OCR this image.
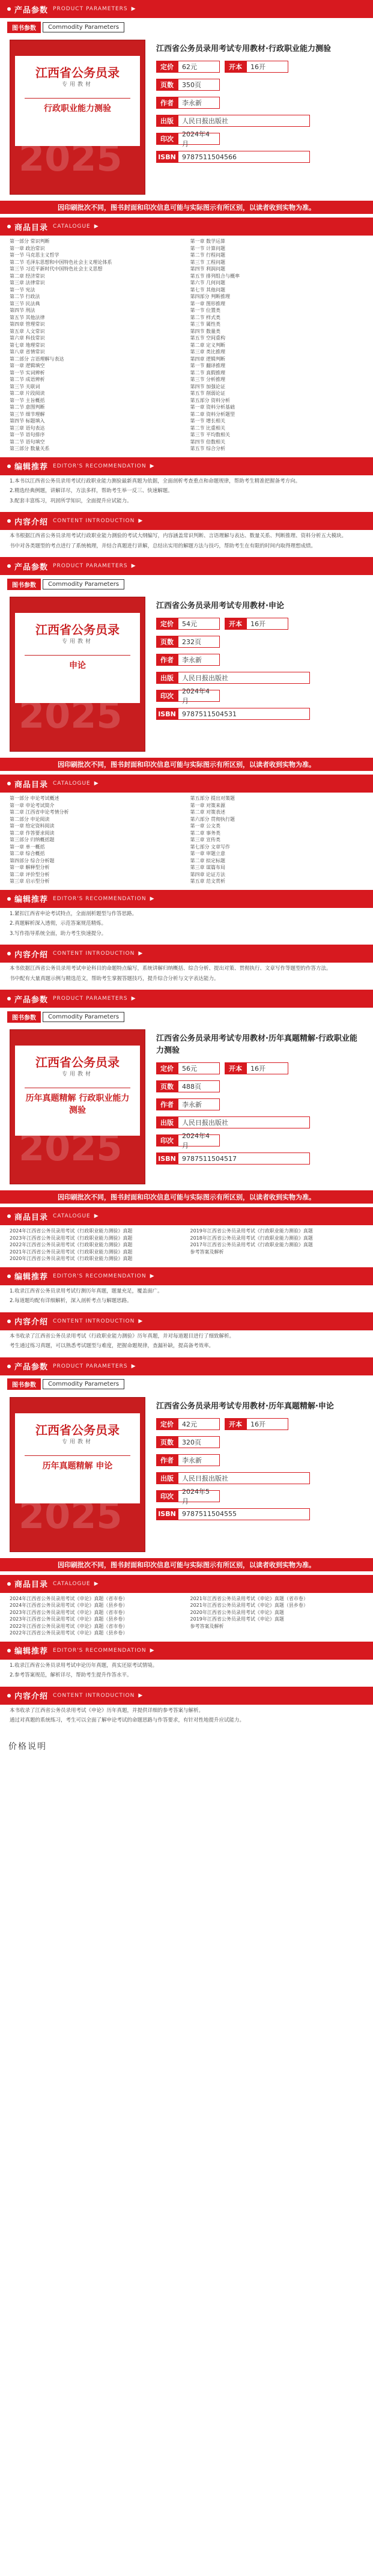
产品参数 PRODUCT PARAMETERS ▶
图书参数	Commodity Parameters
江西省公务员录
专用教材
行政职业能力测验
2025
江西省公务员录用考试专用教材·行政职业能力测验
定价	62元	开本	16开
页数	350页
作者	李永新
出版	人民日报出版社
印次
2024年4月
ISBN 9787511504566
因印刷批次不同，图书封面和印次信息可能与实际图示有所区别，以读者收到实物为准。
商品目录 CATALOGUE ▶
第一部分 常识判断
第一章 政治常识
第一节 马克思主义哲学
第二节 毛泽东思想和中国特色社会主义理论体系
第三节 习近平新时代中国特色社会主义思想
第二章 经济常识
第三章 法律常识
第一节 宪法
第二节 行政法
第三节 民法典
第四节 刑法
第五节 其他法律
第四章 管理常识
第五章 人文常识
第六章 科技常识
第七章 地理常识
第八章 省情常识
第二部分 言语理解与表达
第一章 逻辑填空
第一节 实词辨析
第二节 成语辨析
第三节 关联词
第二章 片段阅读
第一节 主旨概括
第二节 意图判断
第三节 细节理解
第四节 标题填入
第三章 语句表达
第一节 语句排序
第二节 语句填空
第三部分 数量关系
第一章 数学运算
第一节 计算问题
第二节 行程问题
第三节 工程问题
第四节 利润问题
第五节 排列组合与概率
第六节 几何问题
第七节 其他问题
第四部分 判断推理
第一章 图形推理
第一节 位置类
第二节 样式类
第三节 属性类
第四节 数量类
第五节 空间重构
第二章 定义判断
第三章 类比推理
第四章 逻辑判断
第一节 翻译推理
第二节 真假推理
第三节 分析推理
第四节 加强论证
第五节 削弱论证
第五部分 资料分析
第一章 资料分析基础
第二章 资料分析题型
第一节 增长相关
第二节 比重相关
第三节 平均数相关
第四节 倍数相关
第五节 综合分析
编辑推荐 EDITOR'S RECOMMENDATION ▶

1.本书以江西省公务员录用考试行政职业能力测验最新真题为依据，全面剖析考查重点和命题规律，帮助考生精准把握备考方向。

2.精选经典例题，讲解详尽，方法多样，帮助考生举一反三、快速解题。

3.配套丰富练习，巩固所学知识，全面提升应试能力。

内容介绍 CONTENT INTRODUCTION ▶

本书根据江西省公务员录用考试行政职业能力测验的考试大纲编写，内容涵盖常识判断、言语理解与表达、数量关系、判断推理、资料分析五大模块。

书中对各类题型的考点进行了系统梳理，并结合真题进行讲解，总结出实用的解题方法与技巧，帮助考生在有限的时间内取得理想成绩。

产品参数 PRODUCT PARAMETERS ▶
图书参数	Commodity Parameters
江西省公务员录
专用教材
申论
2025
江西省公务员录用考试专用教材·申论
定价	54元	开本	16开
页数	232页
作者	李永新
出版	人民日报出版社
印次
2024年4月
ISBN 9787511504531
因印刷批次不同，图书封面和印次信息可能与实际图示有所区别，以读者收到实物为准。
商品目录 CATALOGUE ▶
第一部分 申论考试概述
第一章 申论考试简介
第二章 江西省申论考情分析
第二部分 申论阅读
第一章 给定资料阅读
第二章 作答要求阅读
第三部分 归纳概括题
第一章 单一概括
第二章 综合概括
第四部分 综合分析题
第一章 解释型分析
第二章 评价型分析
第三章 启示型分析
第五部分 提出对策题
第一章 对策来源
第二章 对策表述
第六部分 贯彻执行题
第一章 公文类
第二章 事务类
第三章 宣传类
第七部分 文章写作
第一章 审题立意
第二章 拟定标题
第三章 谋篇布局
第四章 论证方法
第五章 范文赏析
编辑推荐 EDITOR'S RECOMMENDATION ▶

1.紧扣江西省申论考试特点，全面剖析题型与作答思路。

2.真题解析深入透彻，示范答案规范精炼。

3.写作指导系统全面，助力考生快速提分。

内容介绍 CONTENT INTRODUCTION ▶

本书依据江西省公务员录用考试申论科目的命题特点编写，系统讲解归纳概括、综合分析、提出对策、贯彻执行、文章写作等题型的作答方法。

书中配有大量真题示例与精选范文，帮助考生掌握答题技巧，提升综合分析与文字表达能力。

产品参数 PRODUCT PARAMETERS ▶
图书参数	Commodity Parameters
江西省公务员录
专用教材
历年真题精解 行政职业能力测验
2025
江西省公务员录用考试专用教材·历年真题精解·行政职业能力测验
定价	56元	开本	16开
页数	488页
作者	李永新
出版	人民日报出版社
印次
2024年4月
ISBN 9787511504517
因印刷批次不同，图书封面和印次信息可能与实际图示有所区别，以读者收到实物为准。
商品目录 CATALOGUE ▶
2024年江西省公务员录用考试《行政职业能力测验》真题
2023年江西省公务员录用考试《行政职业能力测验》真题
2022年江西省公务员录用考试《行政职业能力测验》真题
2021年江西省公务员录用考试《行政职业能力测验》真题
2020年江西省公务员录用考试《行政职业能力测验》真题
2019年江西省公务员录用考试《行政职业能力测验》真题
2018年江西省公务员录用考试《行政职业能力测验》真题
2017年江西省公务员录用考试《行政职业能力测验》真题
参考答案及解析
编辑推荐 EDITOR'S RECOMMENDATION ▶

1.收录江西省公务员录用考试行测历年真题，题量充足，覆盖面广。

2.每道题均配有详细解析，深入剖析考点与解题思路。

内容介绍 CONTENT INTRODUCTION ▶

本书收录了江西省公务员录用考试《行政职业能力测验》历年真题，并对每道题目进行了细致解析。

考生通过练习真题，可以熟悉考试题型与难度，把握命题规律，查漏补缺，提高备考效率。

产品参数 PRODUCT PARAMETERS ▶
图书参数	Commodity Parameters
江西省公务员录
专用教材
历年真题精解 申论
2025
江西省公务员录用考试专用教材·历年真题精解·申论
定价	42元	开本	16开
页数	320页
作者	李永新
出版	人民日报出版社
印次
2024年5月
ISBN 9787511504555
因印刷批次不同，图书封面和印次信息可能与实际图示有所区别，以读者收到实物为准。
商品目录 CATALOGUE ▶
2024年江西省公务员录用考试《申论》真题（省市卷）
2024年江西省公务员录用考试《申论》真题（县乡卷）
2023年江西省公务员录用考试《申论》真题（省市卷）
2023年江西省公务员录用考试《申论》真题（县乡卷）
2022年江西省公务员录用考试《申论》真题（省市卷）
2022年江西省公务员录用考试《申论》真题（县乡卷）
2021年江西省公务员录用考试《申论》真题（省市卷）
2021年江西省公务员录用考试《申论》真题（县乡卷）
2020年江西省公务员录用考试《申论》真题
2019年江西省公务员录用考试《申论》真题
参考答案及解析
编辑推荐 EDITOR'S RECOMMENDATION ▶

1.收录江西省公务员录用考试申论历年真题，真实还原考试情境。

2.参考答案规范，解析详尽，帮助考生提升作答水平。

内容介绍 CONTENT INTRODUCTION ▶

本书收录了江西省公务员录用考试《申论》历年真题，并提供详细的参考答案与解析。

通过对真题的系统练习，考生可以全面了解申论考试的命题思路与作答要求，有针对性地提升应试能力。

价格说明
